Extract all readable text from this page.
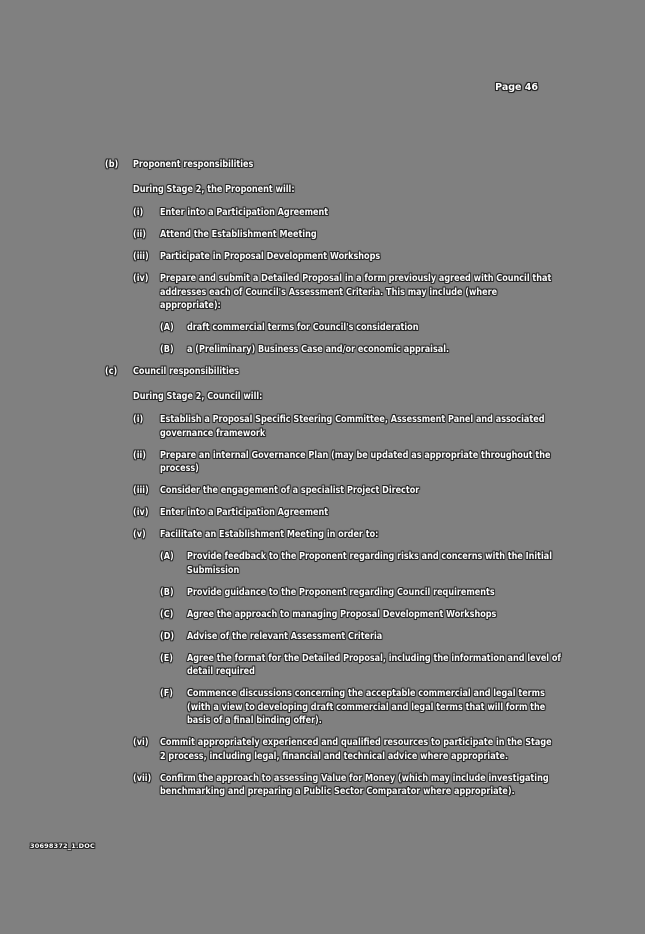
Page 46
(b)	Proponent responsibilities
During Stage 2, the Proponent will:
(i)	Enter into a Participation Agreement
(ii)	Attend the Establishment Meeting
(iii)	Participate in Proposal Development Workshops
(iv)	Prepare and submit a Detailed Proposal in a form previously agreed with Council that addresses each of Council's Assessment Criteria. This may include (where appropriate):
(A)	draft commercial terms for Council's consideration
(B)	a (Preliminary) Business Case and/or economic appraisal.
(c)	Council responsibilities
During Stage 2, Council will:
(i)	Establish a Proposal Specific Steering Committee, Assessment Panel and associated governance framework
(ii)	Prepare an internal Governance Plan (may be updated as appropriate throughout the process)
(iii)	Consider the engagement of a specialist Project Director
(iv)	Enter into a Participation Agreement
(v)	Facilitate an Establishment Meeting in order to:
(A)	Provide feedback to the Proponent regarding risks and concerns with the Initial Submission
(B)	Provide guidance to the Proponent regarding Council requirements
(C)	Agree the approach to managing Proposal Development Workshops
(D)	Advise of the relevant Assessment Criteria
(E)	Agree the format for the Detailed Proposal, including the information and level of detail required
(F)	Commence discussions concerning the acceptable commercial and legal terms (with a view to developing draft commercial and legal terms that will form the basis of a final binding offer).
(vi)	Commit appropriately experienced and qualified resources to participate in the Stage 2 process, including legal, financial and technical advice where appropriate.
(vii) Confirm the approach to assessing Value for Money (which may include investigating benchmarking and preparing a Public Sector Comparator where appropriate).
30698372_1.DOC
